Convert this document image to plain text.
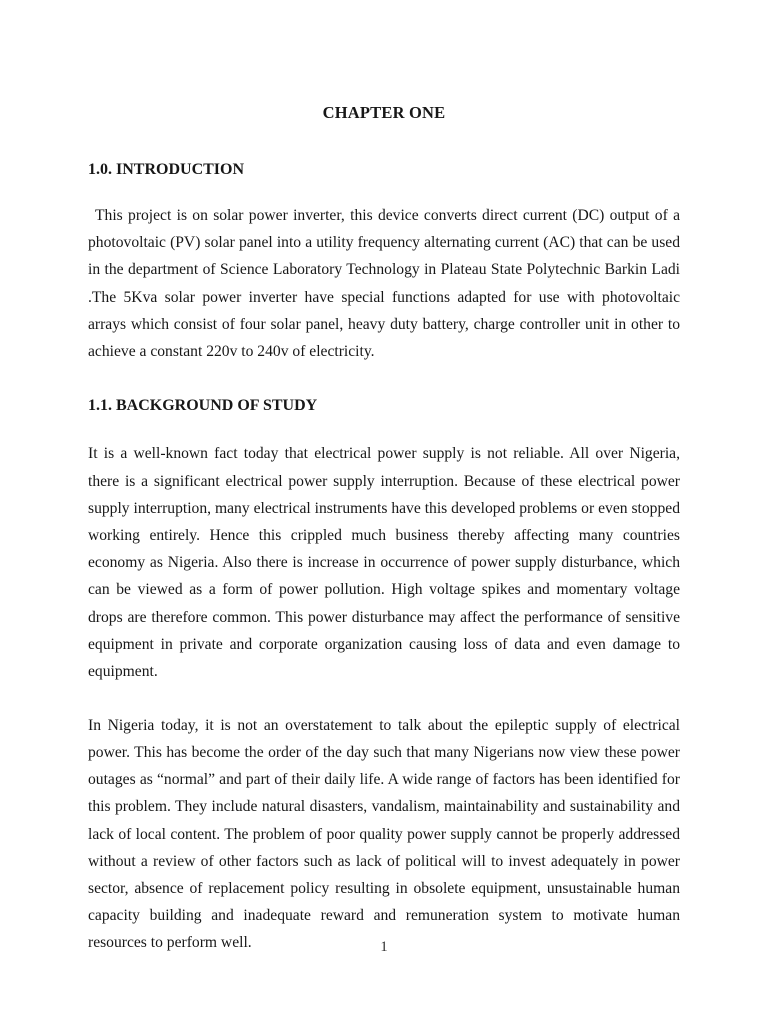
CHAPTER ONE
1.0. INTRODUCTION

This project is on solar power inverter, this device converts direct current (DC) output of a photovoltaic (PV) solar panel into a utility frequency alternating current (AC) that can be used in the department of Science Laboratory Technology in Plateau State Polytechnic Barkin Ladi .The 5Kva solar power inverter have special functions adapted for use with photovoltaic arrays which consist of four solar panel, heavy duty battery, charge controller unit in other to achieve a constant 220v to 240v of electricity.

1.1. BACKGROUND OF STUDY

It is a well-known fact today that electrical power supply is not reliable. All over Nigeria, there is a significant electrical power supply interruption. Because of these electrical power supply interruption, many electrical instruments have this developed problems or even stopped working entirely. Hence this crippled much business thereby affecting many countries economy as Nigeria. Also there is increase in occurrence of power supply disturbance, which can be viewed as a form of power pollution. High voltage spikes and momentary voltage drops are therefore common. This power disturbance may affect the performance of sensitive equipment in private and corporate organization causing loss of data and even damage to equipment.

In Nigeria today, it is not an overstatement to talk about the epileptic supply of electrical power. This has become the order of the day such that many Nigerians now view these power outages as “normal” and part of their daily life. A wide range of factors has been identified for this problem. They include natural disasters, vandalism, maintainability and sustainability and lack of local content. The problem of poor quality power supply cannot be properly addressed without a review of other factors such as lack of political will to invest adequately in power sector, absence of replacement policy resulting in obsolete equipment, unsustainable human capacity building and inadequate reward and remuneration system to motivate human resources to perform well.	1
